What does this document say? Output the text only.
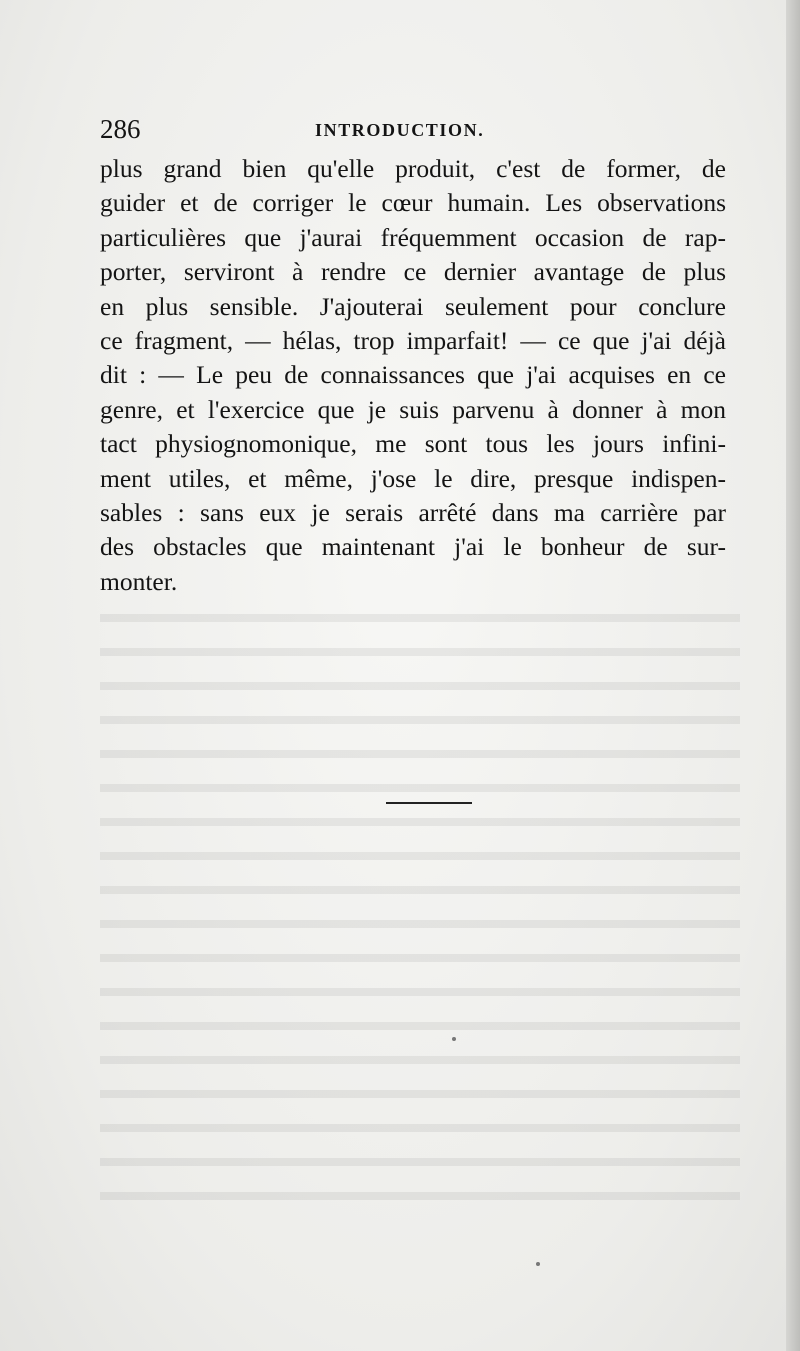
286	INTRODUCTION.
plus grand bien qu'elle produit, c'est de former, de
guider et de corriger le cœur humain. Les observations
particulières que j'aurai fréquemment occasion de rap-
porter, serviront à rendre ce dernier avantage de plus
en plus sensible. J'ajouterai seulement pour conclure
ce fragment, — hélas, trop imparfait! — ce que j'ai déjà
dit : — Le peu de connaissances que j'ai acquises en ce
genre, et l'exercice que je suis parvenu à donner à mon
tact physiognomonique, me sont tous les jours infini-
ment utiles, et même, j'ose le dire, presque indispen-
sables : sans eux je serais arrêté dans ma carrière par
des obstacles que maintenant j'ai le bonheur de sur-
monter.
